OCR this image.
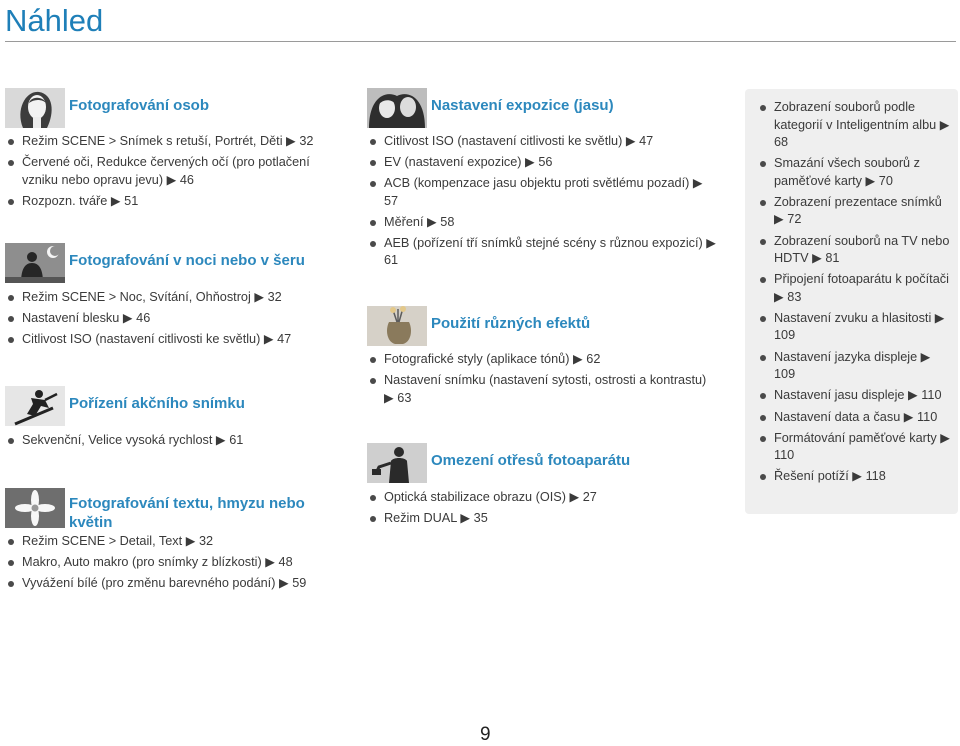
Náhled
Fotografování osob
Režim SCENE > Snímek s retuší, Portrét, Děti ▶ 32
Červené oči, Redukce červených očí (pro potlačení vzniku nebo opravu jevu) ▶ 46
Rozpozn. tváře ▶ 51
Fotografování v noci nebo v šeru
Režim SCENE > Noc, Svítání, Ohňostroj ▶ 32
Nastavení blesku ▶ 46
Citlivost ISO (nastavení citlivosti ke světlu) ▶ 47
Pořízení akčního snímku
Sekvenční, Velice vysoká rychlost ▶ 61
Fotografování textu, hmyzu nebo květin
Režim SCENE > Detail, Text ▶ 32
Makro, Auto makro (pro snímky z blízkosti) ▶ 48
Vyvážení bílé (pro změnu barevného podání) ▶ 59
Nastavení expozice (jasu)
Citlivost ISO (nastavení citlivosti ke světlu) ▶ 47
EV (nastavení expozice) ▶ 56
ACB (kompenzace jasu objektu proti světlému pozadí) ▶ 57
Měření ▶ 58
AEB (pořízení tří snímků stejné scény s různou expozicí) ▶ 61
Použití různých efektů
Fotografické styly (aplikace tónů) ▶ 62
Nastavení snímku (nastavení sytosti, ostrosti a kontrastu) ▶ 63
Omezení otřesů fotoaparátu
Optická stabilizace obrazu (OIS) ▶ 27
Režim DUAL ▶ 35
Zobrazení souborů podle kategorií v Inteligentním albu ▶ 68
Smazání všech souborů z paměťové karty ▶ 70
Zobrazení prezentace snímků ▶ 72
Zobrazení souborů na TV nebo HDTV ▶ 81
Připojení fotoaparátu k počítači ▶ 83
Nastavení zvuku a hlasitosti ▶ 109
Nastavení jazyka displeje ▶ 109
Nastavení jasu displeje ▶ 110
Nastavení data a času ▶ 110
Formátování paměťové karty ▶ 110
Řešení potíží ▶ 118
9
